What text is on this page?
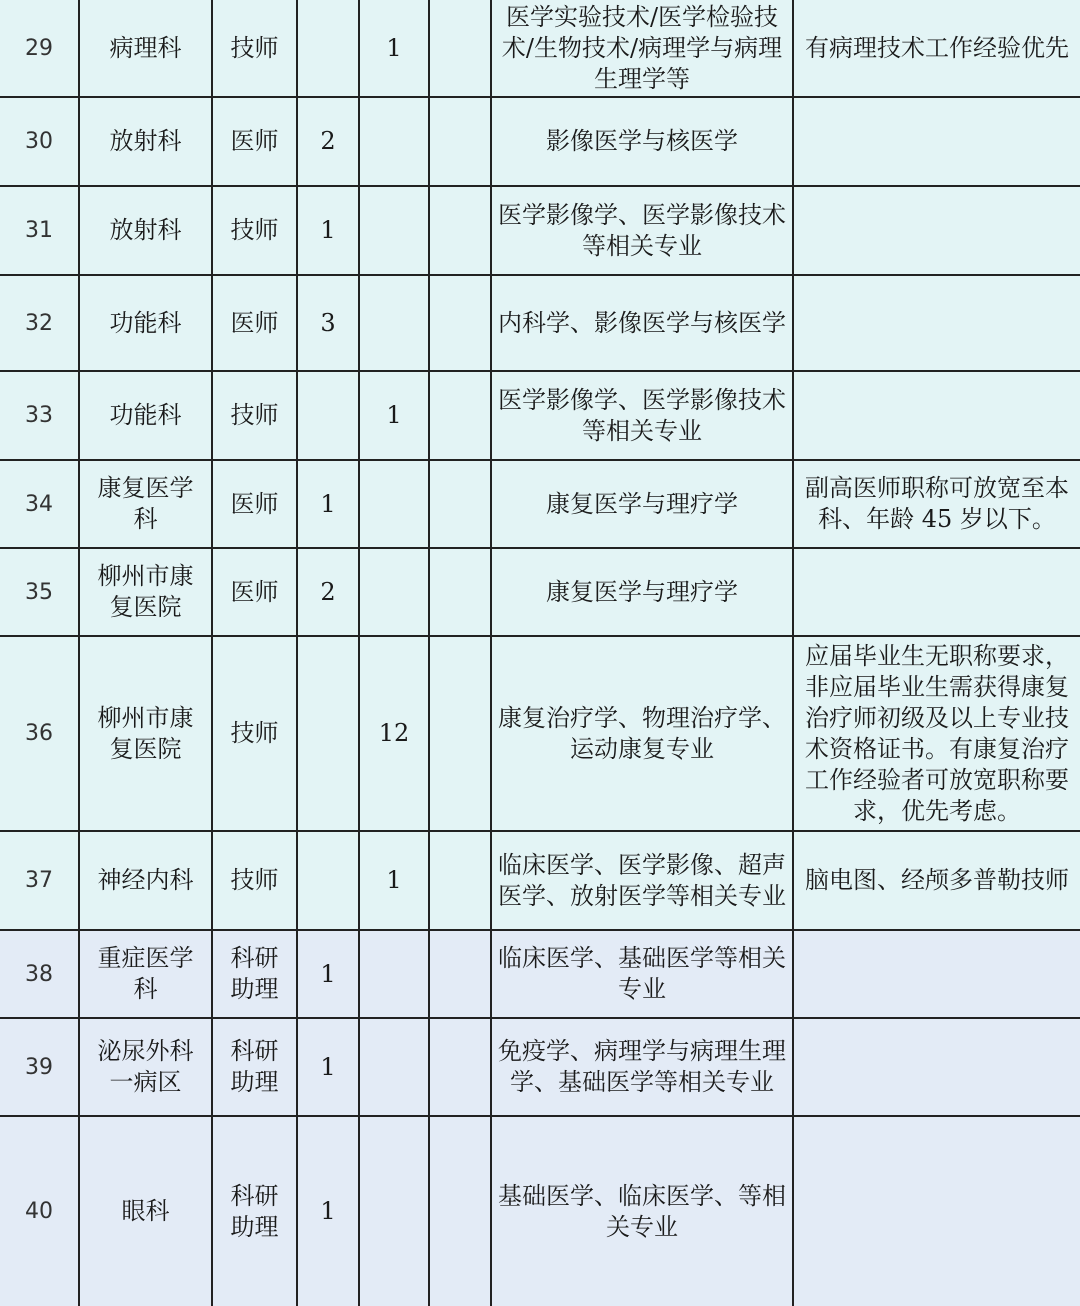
29	病理科	技师		1		医学实验技术/医学检验技术/生物技术/病理学与病理生理学等	有病理技术工作经验优先
30	放射科	医师	2			影像医学与核医学	
31	放射科	技师	1			医学影像学、医学影像技术等相关专业	
32	功能科	医师	3			内科学、影像医学与核医学	
33	功能科	技师		1		医学影像学、医学影像技术等相关专业	
34	康复医学科	医师	1			康复医学与理疗学	副高医师职称可放宽至本科、年龄 45 岁以下。
35	柳州市康复医院	医师	2			康复医学与理疗学	
36	柳州市康复医院	技师		12		康复治疗学、物理治疗学、运动康复专业	应届毕业生无职称要求，非应届毕业生需获得康复治疗师初级及以上专业技术资格证书。有康复治疗工作经验者可放宽职称要求，优先考虑。
37	神经内科	技师		1		临床医学、医学影像、超声医学、放射医学等相关专业	脑电图、经颅多普勒技师
38	重症医学科	科研助理	1			临床医学、基础医学等相关专业	
39	泌尿外科一病区	科研助理	1			免疫学、病理学与病理生理学、基础医学等相关专业	
40	眼科	科研助理	1			基础医学、临床医学、等相关专业	
